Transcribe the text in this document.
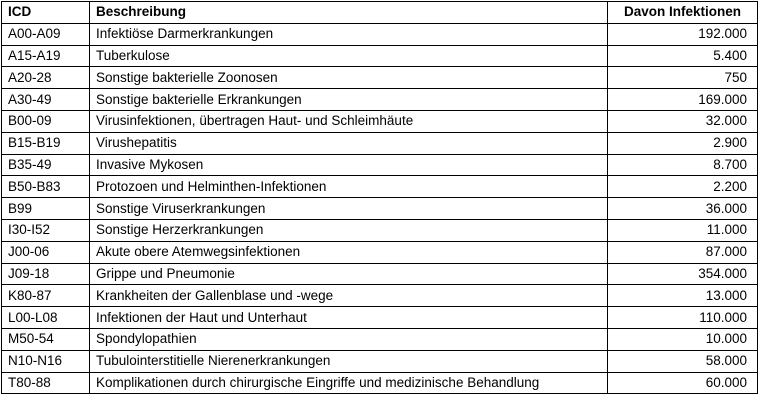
ICD	Beschreibung	Davon Infektionen
A00-A09	Infektiöse Darmerkrankungen	192.000
A15-A19	Tuberkulose	5.400
A20-28	Sonstige bakterielle Zoonosen	750
A30-49	Sonstige bakterielle Erkrankungen	169.000
B00-09	Virusinfektionen, übertragen Haut- und Schleimhäute	32.000
B15-B19	Virushepatitis	2.900
B35-49	Invasive Mykosen	8.700
B50-B83	Protozoen und Helminthen-Infektionen	2.200
B99	Sonstige Viruserkrankungen	36.000
I30-I52	Sonstige Herzerkrankungen	11.000
J00-06	Akute obere Atemwegsinfektionen	87.000
J09-18	Grippe und Pneumonie	354.000
K80-87	Krankheiten der Gallenblase und -wege	13.000
L00-L08	Infektionen der Haut und Unterhaut	110.000
M50-54	Spondylopathien	10.000
N10-N16	Tubulointerstitielle Nierenerkrankungen	58.000
T80-88	Komplikationen durch chirurgische Eingriffe und medizinische Behandlung	60.000
